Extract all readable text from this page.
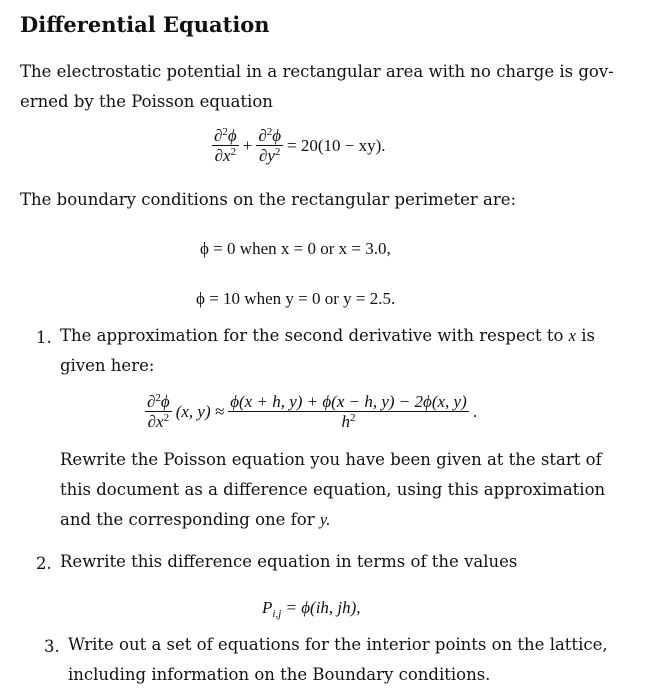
Differential Equation
The electrostatic potential in a rectangular area with no charge is gov-
erned by the Poisson equation
$\frac{\partial^2\phi}{\partial x^2} + \frac{\partial^2\phi}{\partial y^2} = 20(10 - xy)$.
The boundary conditions on the rectangular perimeter are:
ϕ = 0 when x = 0 or x = 3.0,
ϕ = 10 when y = 0 or y = 2.5.
1. The approximation for the second derivative with respect to x is
given here:
$\frac{\partial^2\phi}{\partial x^2} (x$, $y) \approx \frac{\phi(x + h, y) + \phi(x - h, y) - 2\phi(x, y)}{h^2}$ .
Rewrite the Poisson equation you have been given at the start of
this document as a difference equation, using this approximation
and the corresponding one for y.
2. Rewrite this difference equation in terms of the values
$P_{i,j} = \phi(ih$, jh),
3. Write out a set of equations for the interior points on the lattice,
including information on the Boundary conditions.
